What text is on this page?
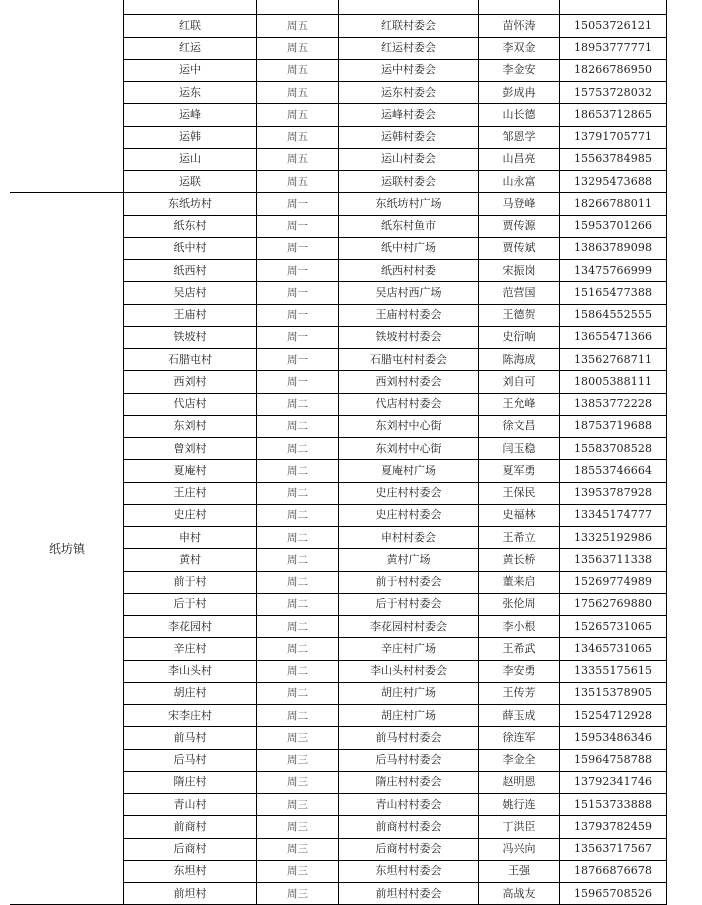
	红联	周五	红联村委会	苗怀涛	15053726121
	红运	周五	红运村委会	李双金	18953777771
	运中	周五	运中村委会	李金安	18266786950
	运东	周五	运东村委会	彭成冉	15753728032
	运峰	周五	运峰村委会	山长德	18653712865
	运韩	周五	运韩村委会	邹恩学	13791705771
	运山	周五	运山村委会	山昌亮	15563784985
	运联	周五	运联村委会	山永富	13295473688
纸坊镇	东纸坊村	周一	东纸坊村广场	马登峰	18266788011
	纸东村	周一	纸东村鱼市	贾传源	15953701266
	纸中村	周一	纸中村广场	贾传斌	13863789098
	纸西村	周一	纸西村村委	宋振岗	13475766999
	吴店村	周一	吴店村西广场	范营国	15165477388
	王庙村	周一	王庙村村委会	王德贺	15864552555
	铁坡村	周一	铁坡村村委会	史衍响	13655471366
	石腊屯村	周一	石腊屯村村委会	陈海成	13562768711
	西刘村	周一	西刘村村委会	刘自可	18005388111
	代店村	周二	代店村村委会	王允峰	13853772228
	东刘村	周二	东刘村中心街	徐文昌	18753719688
	曾刘村	周二	东刘村中心街	闫玉稳	15583708528
	夏庵村	周二	夏庵村广场	夏军勇	18553746664
	王庄村	周二	史庄村村委会	王保民	13953787928
	史庄村	周二	史庄村村委会	史福林	13345174777
	申村	周二	申村村委会	王希立	13325192986
	黄村	周二	黄村广场	黄长桥	13563711338
	前于村	周二	前于村村委会	董来启	15269774989
	后于村	周二	后于村村委会	张伦周	17562769880
	李花园村	周二	李花园村村委会	李小根	15265731065
	辛庄村	周二	辛庄村广场	王希武	13465731065
	李山头村	周二	李山头村村委会	李安勇	13355175615
	胡庄村	周二	胡庄村广场	王传芳	13515378905
	宋李庄村	周二	胡庄村广场	薛玉成	15254712928
	前马村	周三	前马村村委会	徐连军	15953486346
	后马村	周三	后马村村委会	李金全	15964758788
	隋庄村	周三	隋庄村村委会	赵明恩	13792341746
	青山村	周三	青山村村委会	姚行连	15153733888
	前商村	周三	前商村村委会	丁洪臣	13793782459
	后商村	周三	后商村村委会	冯兴向	13563717567
	东坦村	周三	东坦村村委会	王强	18766876678
	前坦村	周三	前坦村村委会	高战友	15965708526
